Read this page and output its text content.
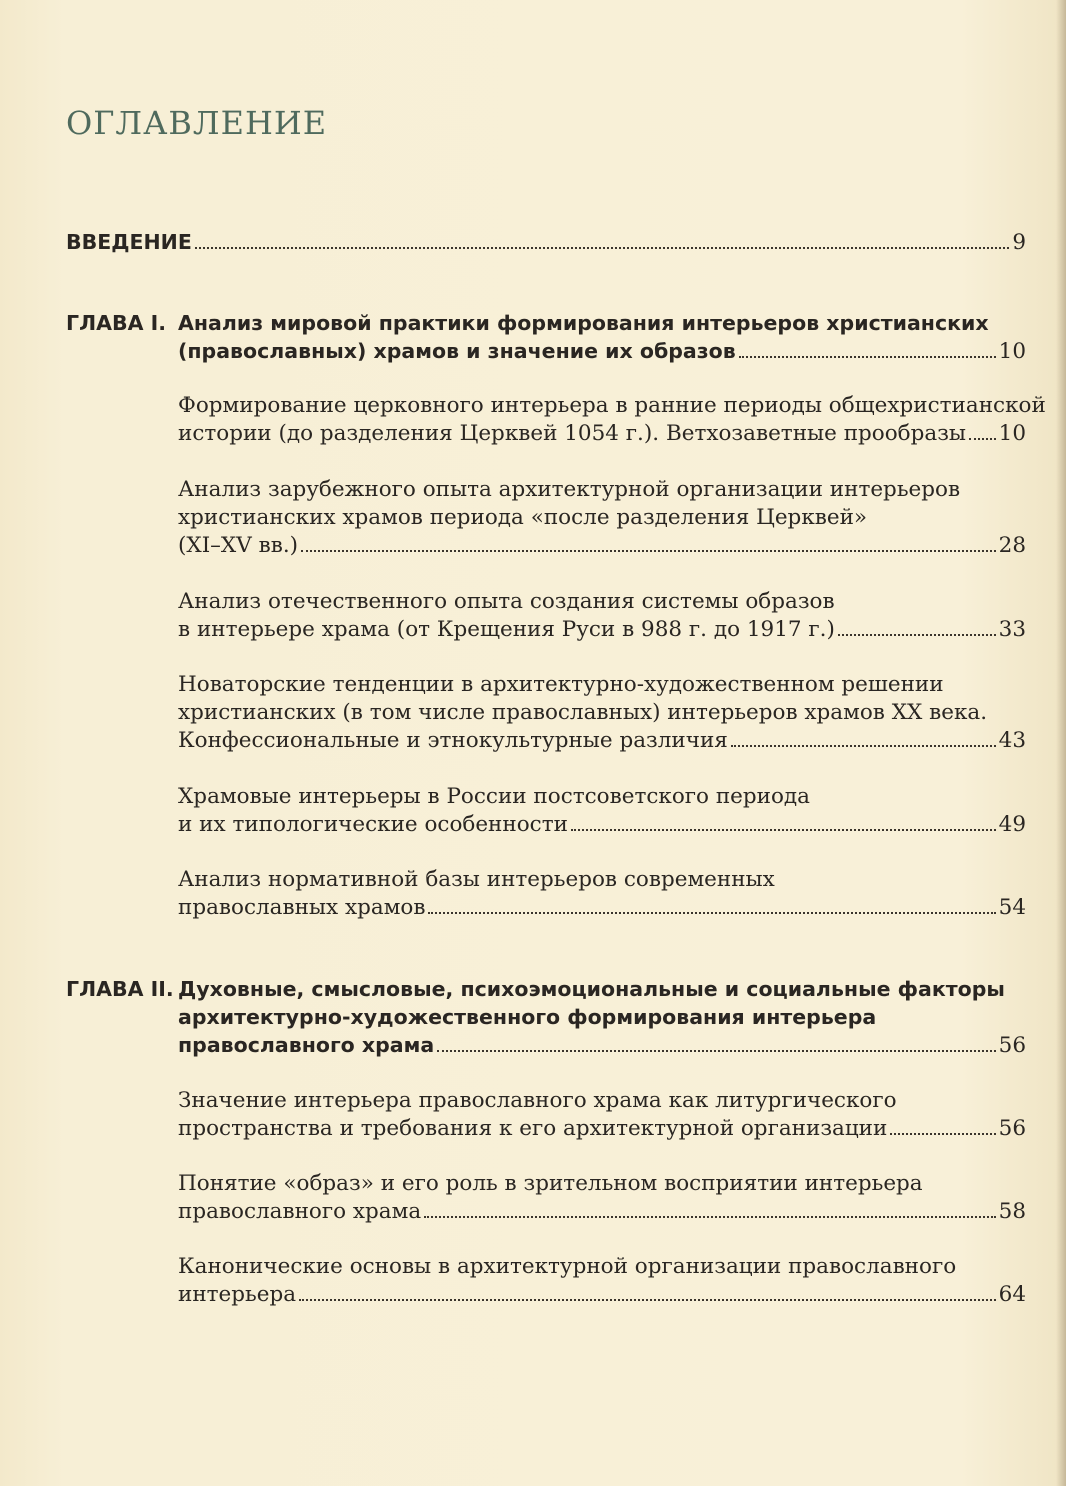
ОГЛАВЛЕНИЕ
ВВЕДЕНИЕ	9
ГЛАВА I. Анализ мировой практики формирования интерьеров христианских
(православных) храмов и значение их образов	10
Формирование церковного интерьера в ранние периоды общехристианской
истории (до разделения Церквей 1054 г.). Ветхозаветные прообразы 10
Анализ зарубежного опыта архитектурной организации интерьеров
христианских храмов периода «после разделения Церквей»
(XI–XV вв.)	28
Анализ отечественного опыта создания системы образов
в интерьере храма (от Крещения Руси в 988 г. до 1917 г.)	33
Новаторские тенденции в архитектурно-художественном решении
христианских (в том числе православных) интерьеров храмов XX века.
Конфессиональные и этнокультурные различия	43
Храмовые интерьеры в России постсоветского периода
и их типологические особенности	49
Анализ нормативной базы интерьеров современных
православных храмов	54
ГЛАВА II. Духовные, смысловые, психоэмоциональные и социальные факторы
архитектурно-художественного формирования интерьера
православного храма	56
Значение интерьера православного храма как литургического
пространства и требования к его архитектурной организации	56
Понятие «образ» и его роль в зрительном восприятии интерьера
православного храма	58
Канонические основы в архитектурной организации православного
интерьера	64
